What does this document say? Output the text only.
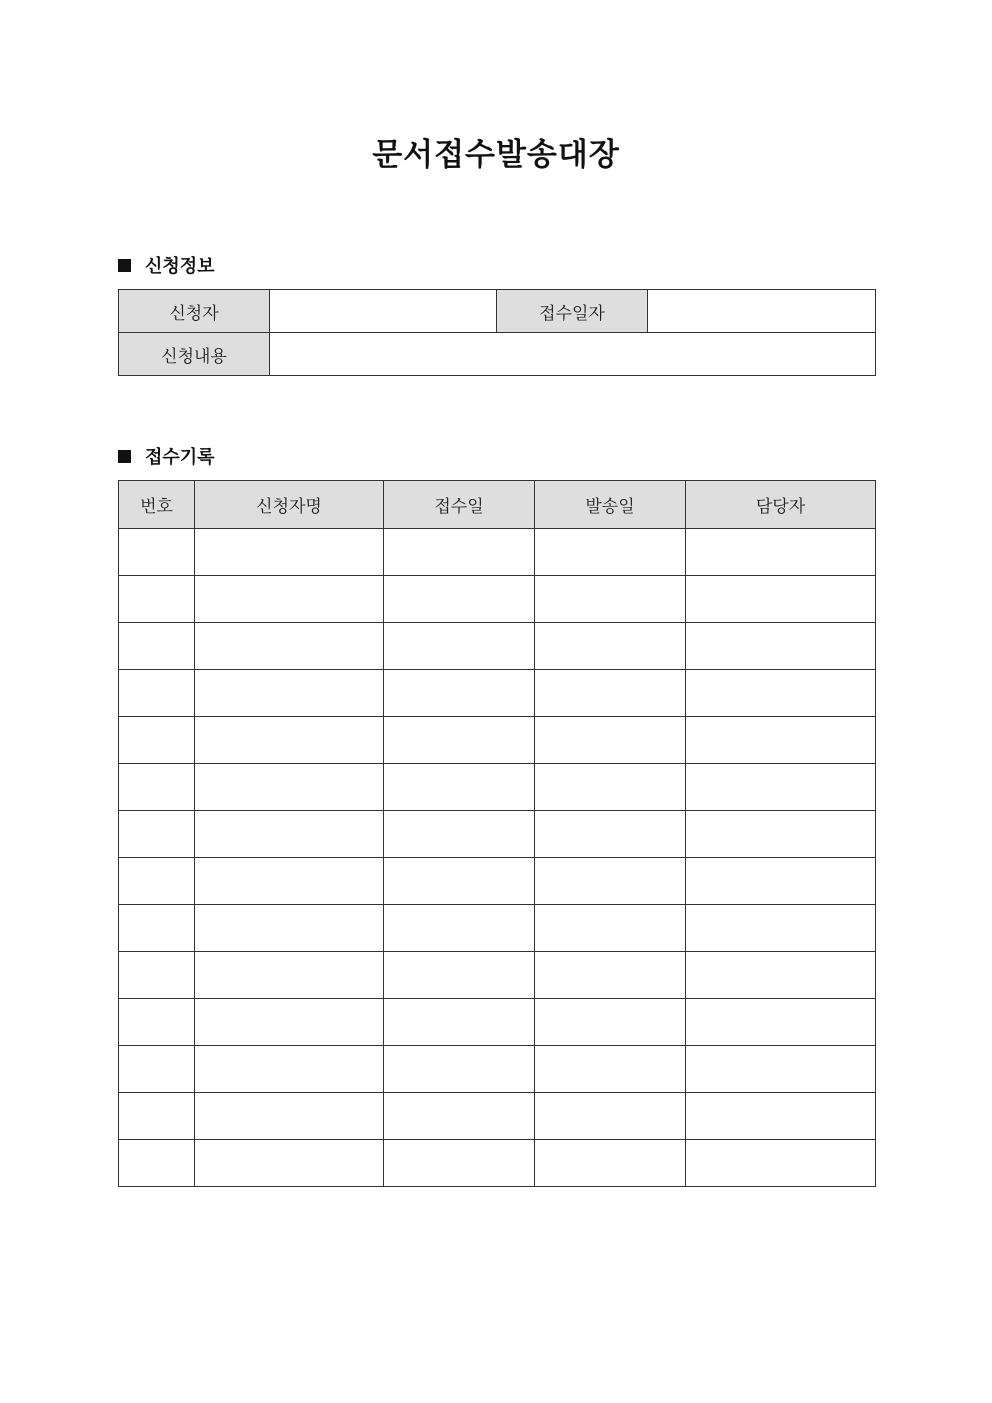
문서접수발송대장
신청정보
신청자		접수일자	
신청내용			
접수기록
번호	신청자명	접수일	발송일	담당자
